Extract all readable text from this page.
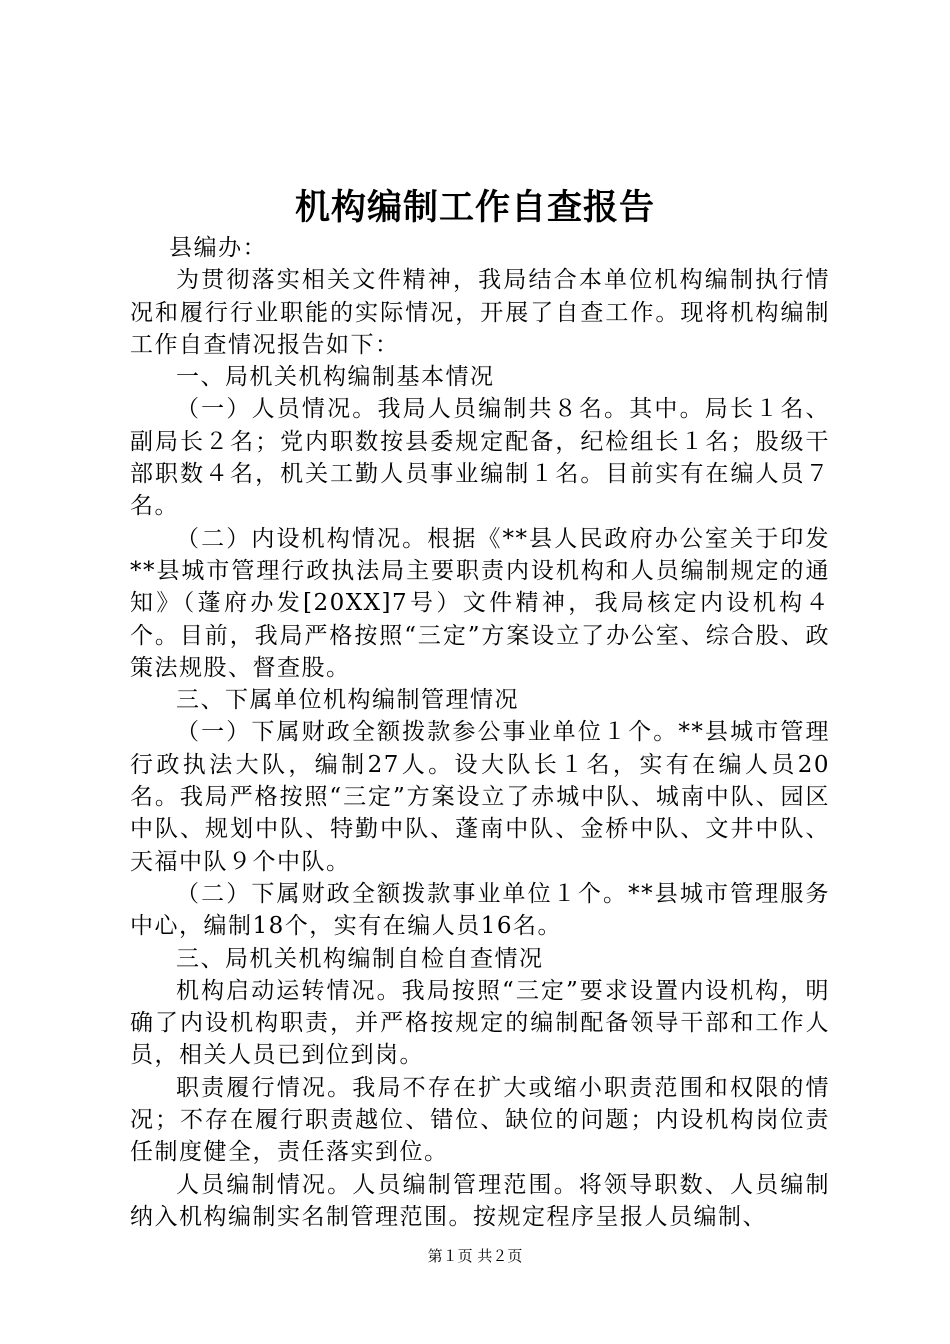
机构编制工作自查报告

县编办：

为贯彻落实相关文件精神，我局结合本单位机构编制执行情况和履行行业职能的实际情况，开展了自查工作。现将机构编制工作自查情况报告如下：

一、局机关机构编制基本情况

（一）人员情况。我局人员编制共８名。其中。局长１名、副局长２名；党内职数按县委规定配备，纪检组长１名；股级干部职数４名，机关工勤人员事业编制１名。目前实有在编人员７名。

（二）内设机构情况。根据《**县人民政府办公室关于印发**县城市管理行政执法局主要职责内设机构和人员编制规定的通知》（蓬府办发[20XX]7号）文件精神，我局核定内设机构４个。目前，我局严格按照“三定”方案设立了办公室、综合股、政策法规股、督查股。

三、下属单位机构编制管理情况

（一）下属财政全额拨款参公事业单位１个。**县城市管理行政执法大队，编制27人。设大队长１名，实有在编人员20名。我局严格按照“三定”方案设立了赤城中队、城南中队、园区中队、规划中队、特勤中队、蓬南中队、金桥中队、文井中队、天福中队９个中队。

（二）下属财政全额拨款事业单位１个。**县城市管理服务中心，编制18个，实有在编人员16名。

三、局机关机构编制自检自查情况

机构启动运转情况。我局按照“三定”要求设置内设机构，明确了内设机构职责，并严格按规定的编制配备领导干部和工作人员，相关人员已到位到岗。

职责履行情况。我局不存在扩大或缩小职责范围和权限的情况；不存在履行职责越位、错位、缺位的问题；内设机构岗位责任制度健全，责任落实到位。

人员编制情况。人员编制管理范围。将领导职数、人员编制纳入机构编制实名制管理范围。按规定程序呈报人员编制、

第１页 共２页
